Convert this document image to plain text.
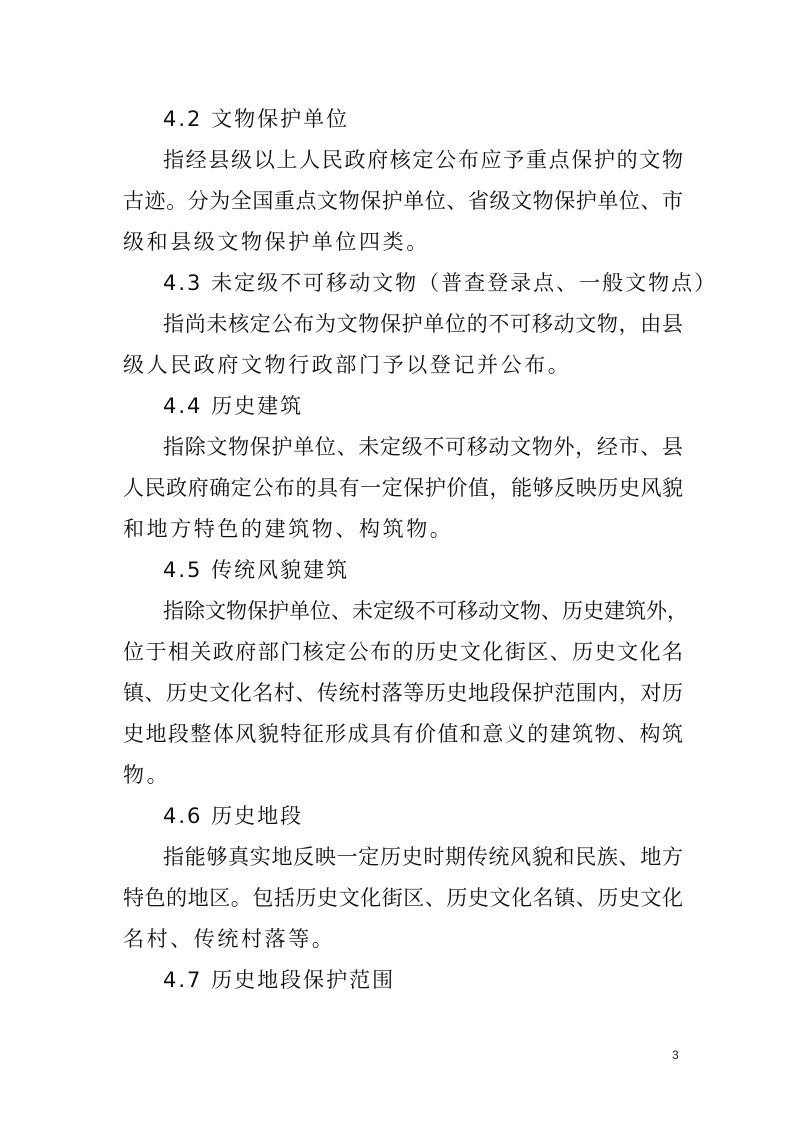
4.2 文物保护单位
指经县级以上人民政府核定公布应予重点保护的文物
古迹。分为全国重点文物保护单位、省级文物保护单位、市
级和县级文物保护单位四类。
4.3 未定级不可移动文物（普查登录点、一般文物点）
指尚未核定公布为文物保护单位的不可移动文物，由县
级人民政府文物行政部门予以登记并公布。
4.4 历史建筑
指除文物保护单位、未定级不可移动文物外，经市、县
人民政府确定公布的具有一定保护价值，能够反映历史风貌
和地方特色的建筑物、构筑物。
4.5 传统风貌建筑
指除文物保护单位、未定级不可移动文物、历史建筑外，
位于相关政府部门核定公布的历史文化街区、历史文化名
镇、历史文化名村、传统村落等历史地段保护范围内，对历
史地段整体风貌特征形成具有价值和意义的建筑物、构筑
物。
4.6 历史地段
指能够真实地反映一定历史时期传统风貌和民族、地方
特色的地区。包括历史文化街区、历史文化名镇、历史文化
名村、传统村落等。
4.7 历史地段保护范围
3
